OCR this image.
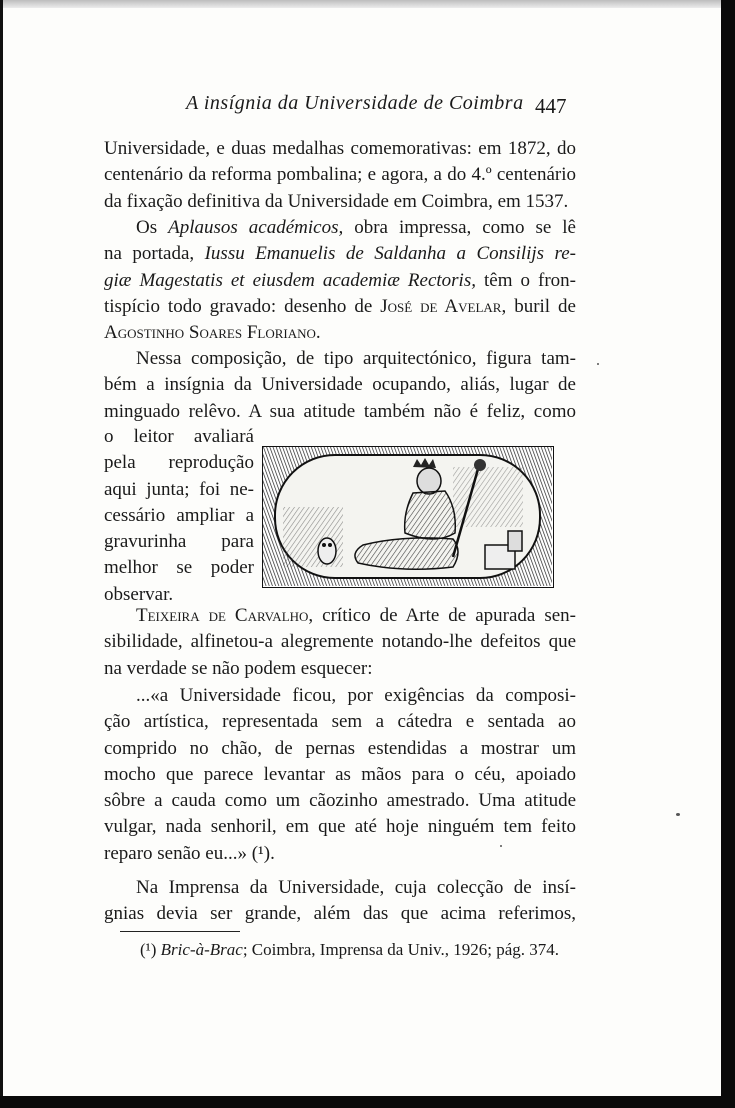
A insígnia da Universidade de Coimbra 447
Universidade, e duas medalhas comemorativas: em 1872, do
centenário da reforma pombalina; e agora, a do 4.º centenário
da fixação definitiva da Universidade em Coimbra, em 1537.
Os Aplausos académicos, obra impressa, como se lê
na portada, Iussu Emanuelis de Saldanha a Consilijs re-
giæ Magestatis et eiusdem academiæ Rectoris, têm o fron-
tispício todo gravado: desenho de José de Avelar, buril de
Agostinho Soares Floriano.
Nessa composição, de tipo arquitectónico, figura tam-
bém a insígnia da Universidade ocupando, aliás, lugar de
minguado relêvo. A sua atitude também não é feliz, como
o leitor avaliará
pela reprodução
aqui junta; foi ne-
cessário ampliar a
gravurinha para
melhor se poder
observar.
Teixeira de Carvalho, crítico de Arte de apurada sen-
sibilidade, alfinetou-a alegremente notando-lhe defeitos que
na verdade se não podem esquecer:
...«a Universidade ficou, por exigências da composi-
ção artística, representada sem a cátedra e sentada ao
comprido no chão, de pernas estendidas a mostrar um
mocho que parece levantar as mãos para o céu, apoiado
sôbre a cauda como um cãozinho amestrado. Uma atitude
vulgar, nada senhoril, em que até hoje ninguém tem feito
reparo senão eu...» (¹).
Na Imprensa da Universidade, cuja colecção de insí-
gnias devia ser grande, além das que acima referimos,
(¹) Bric-à-Brac; Coimbra, Imprensa da Univ., 1926; pág. 374.
